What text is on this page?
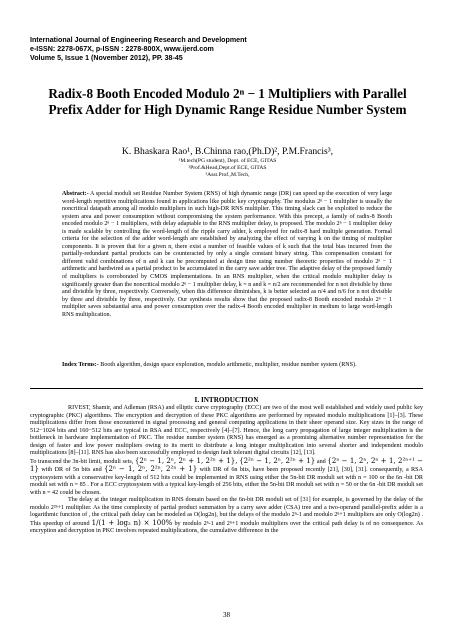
International Journal of Engineering Research and Development
e-ISSN: 2278-067X, p-ISSN : 2278-800X, www.ijerd.com
Volume 5, Issue 1 (November 2012), PP. 38-45
Radix-8 Booth Encoded Modulo 2ⁿ − 1 Multipliers with Parallel Prefix Adder for High Dynamic Range Residue Number System
K. Bhaskara Rao¹, B.Chinna rao,(Ph.D)², P.M.Francis³,
¹M.tech(PG student), Dept. of ECE, GITAS
²Prof.&Head,Dept.of ECE, GITAS
³Asst.Prof.,M.Tech,
Abstract:- A special moduli set Residue Number System (RNS) of high dynamic range (DR) can speed up the execution of very large word-length repetitive multiplications found in applications like public key cryptography. The modulus 2ⁿ − 1 multiplier is usually the noncritical datapath among all modulo multipliers in such high-DR RNS multiplier. This timing slack can be exploited to reduce the system area and power consumption without compromising the system performance. With this precept, a family of radix-8 Booth encoded modulo 2ⁿ − 1 multipliers, with delay adaptable to the RNS multiplier delay, is proposed. The modulo 2ⁿ − 1 multiplier delay is made scalable by controlling the word-length of the ripple carry adder, k employed for radix-8 hard multiple generation. Formal criteria for the selection of the adder word-length are established by analyzing the effect of varying k on the timing of multiplier components. It is proven that for a given n, there exist a number of feasible values of k such that the total bias incurred from the partially-redundant partial products can be counteracted by only a single constant binary string. This compensation constant for different valid combinations of n and k can be precomputed at design time using number theoretic properties of modulo 2ⁿ − 1 arithmetic and hardwired as a partial product to be accumulated in the carry save adder tree. The adaptive delay of the proposed family of multipliers is corroborated by CMOS implementations. In an RNS multiplier, when the critical modulo multiplier delay is significantly greater than the noncritical modulo 2ⁿ − 1 multiplier delay, k = n and k = n/2 are recommended for n not divisible by three and divisible by three, respectively. Conversely, when this difference diminishes, k is better selected as n/4 and n/6 for n not divisible by three and divisible by three, respectively. Our synthesis results show that the proposed radix-8 Booth encoded modulo 2ⁿ − 1 multiplier saves substantial area and power consumption over the radix-4 Booth encoded multiplier in medium to large word-length RNS multiplication.
Index Terms:- Booth algorithm, design space exploration, modulo arithmetic, multiplier, residue number system (RNS).
I. INTRODUCTION

RIVEST, Shamir, and Adleman (RSA) and elliptic curve cryptography (ECC) are two of the most well established and widely used public key cryptographic (PKC) algorithms. The encryption and decryption of these PKC algorithms are performed by repeated modulo multiplications [1]–[3]. These multiplications differ from those encountered in signal processing and general computing applications in their sheer operand size. Key sizes in the range of 512−1024 bits and 160−512 bits are typical in RSA and ECC, respectively [4]–[7]. Hence, the long carry propagation of large integer multiplication is the bottleneck in hardware implementation of PKC. The residue number system (RNS) has emerged as a promising alternative number representation for the design of faster and low power multipliers owing to its merit to distribute a long integer multiplication into several shorter and independent modulo multiplications [8]–[11]. RNS has also been successfully employed to design fault tolerant digital circuits [12], [13].

To transcend the 3n-bit limit, moduli sets, {2ⁿ − 1, 2ⁿ, 2ⁿ + 1, 2²ⁿ + 1}, {2²ⁿ − 1, 2ⁿ, 2²ⁿ + 1} and {2ⁿ − 1, 2ⁿ, 2ⁿ + 1, 2²ⁿ⁺¹ − 1} with DR of 5n bits and {2ⁿ − 1, 2ⁿ, 2²ⁿ, 2²ⁿ + 1} with DR of 6n bits, have been proposed recently [21], [30], [31]. consequently, a RSA cryptosystem with a conservative key-length of 512 bits could be implemented in RNS using either the 5n-bit DR moduli set with n = 100 or the 6n -bit DR moduli set with n = 85 . For a ECC cryptosystem with a typical key-length of 256 bits, either the 5n-bit DR moduli set with n = 50 or the 6n -bit DR moduli set with n = 42 could be chosen.

The delay at the integer multiplication in RNS domain based on the 6n-bit DR moduli set of [31] for example, is governed by the delay of the modulo 2²ⁿ+1 multiplier. As the time complexity of partial product summation by a carry save adder (CSA) tree and a two-operand parallel-prefix adder is a logarithmic function of , the critical path delay can be modeled as O(log2n), but the delays of the modulo 2ⁿ-1 and modulo 2ⁿ+1 multipliers are only O(log2n) . This speedup of around 1/(1 + log₂ n) × 100% by modulo 2ⁿ-1 and 2ⁿ+1 modulo multipliers over the critical path delay is of no consequence. As encryption and decryption in PKC involves repeated multiplications, the cumulative difference in the

38
